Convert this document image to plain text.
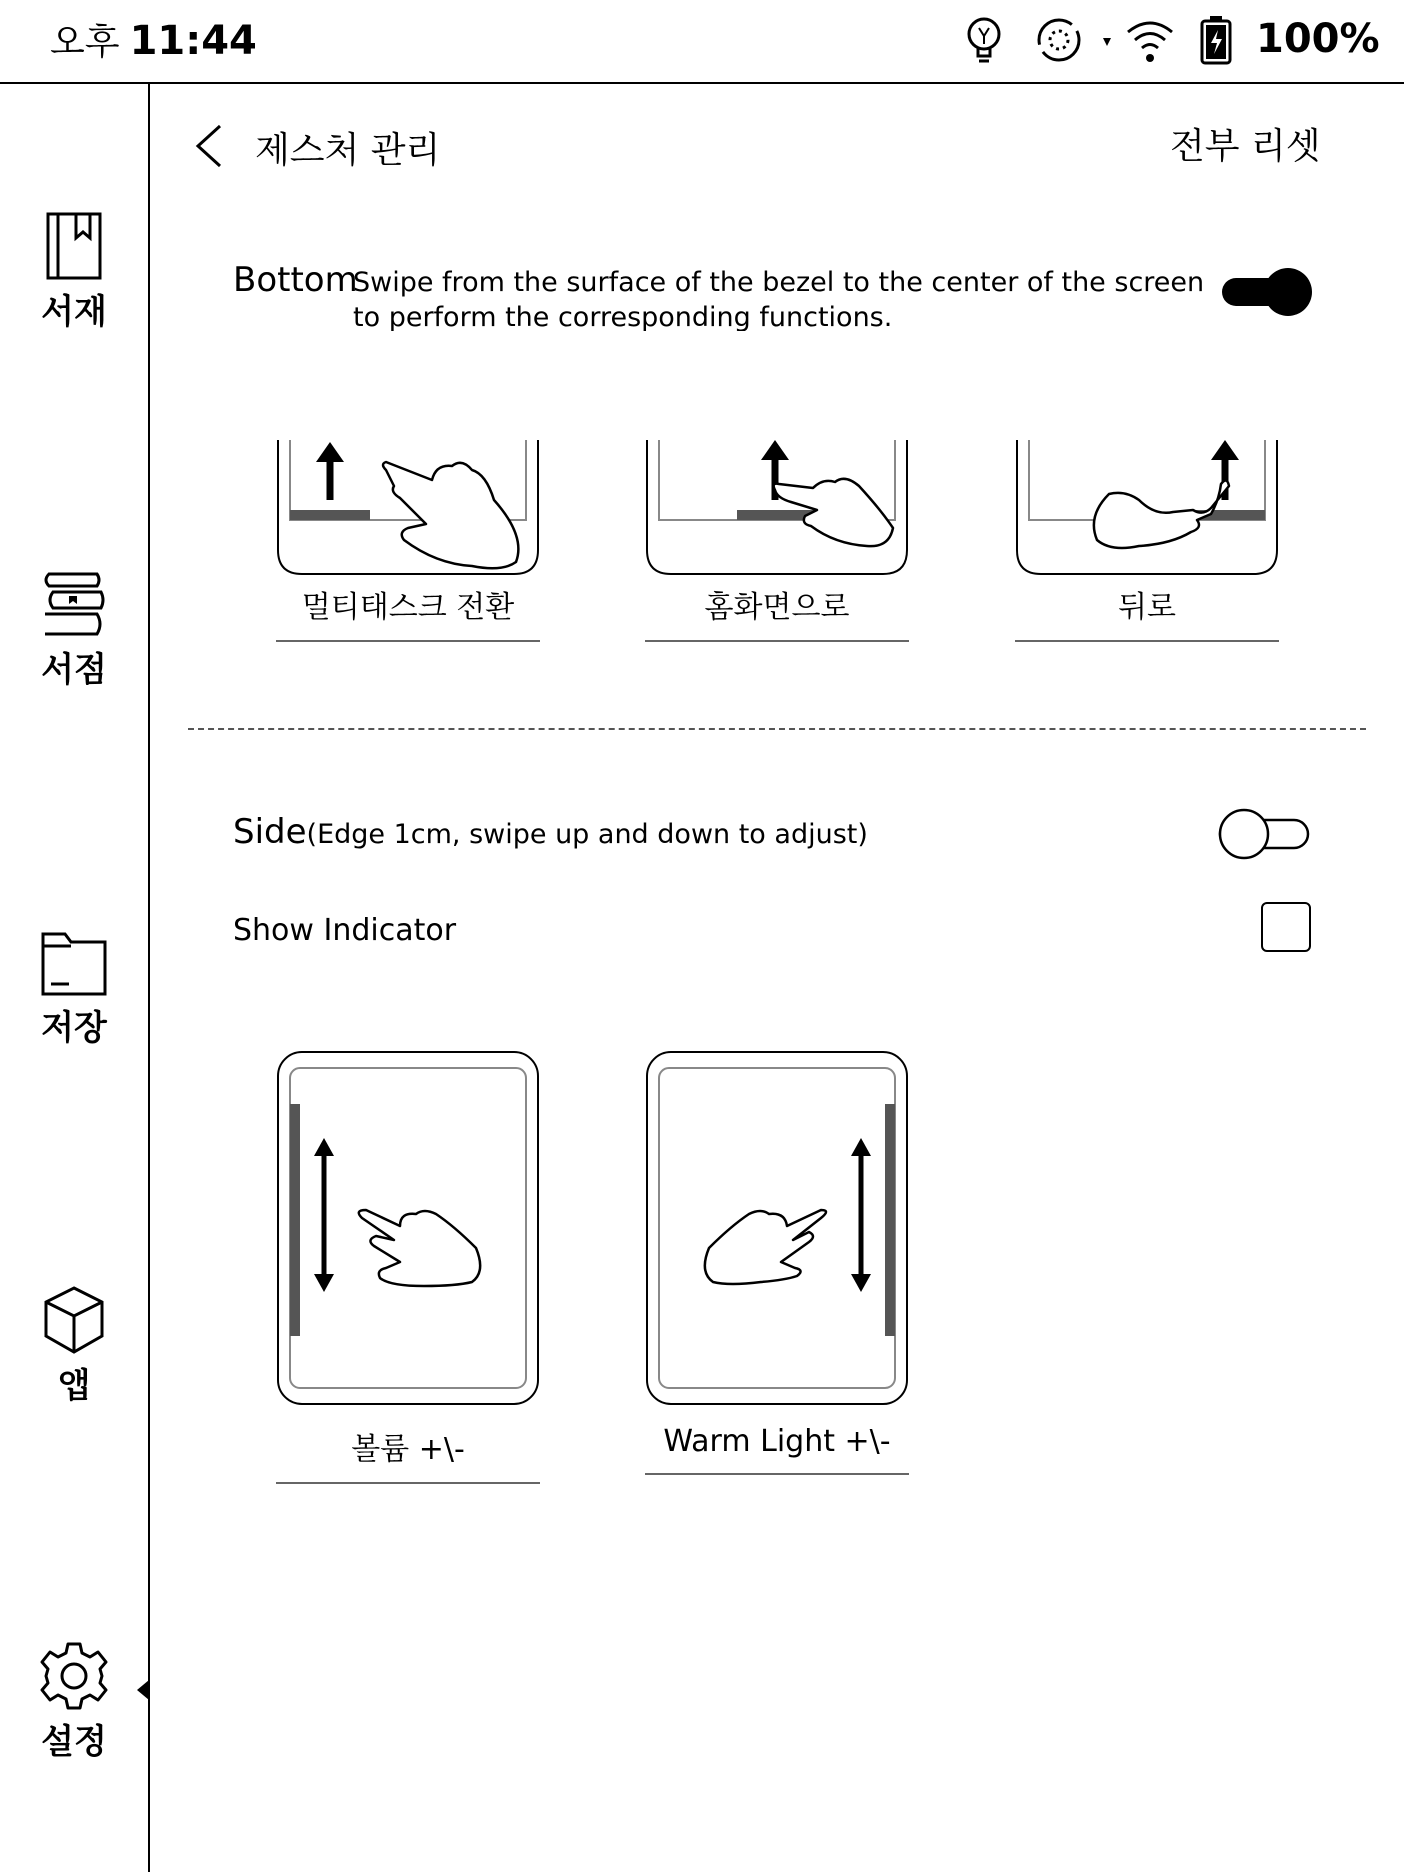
오후 11:44	100%
서재
서점
저장
앱
설정
제스처 관리	전부 리셋
Bottom
Swipe from the surface of the bezel to the center of the screen to perform the corresponding functions.
멀티태스크 전환	홈화면으로	뒤로
Side(Edge 1cm, swipe up and down to adjust)
Show Indicator
볼륨 +\-	Warm Light +\-
